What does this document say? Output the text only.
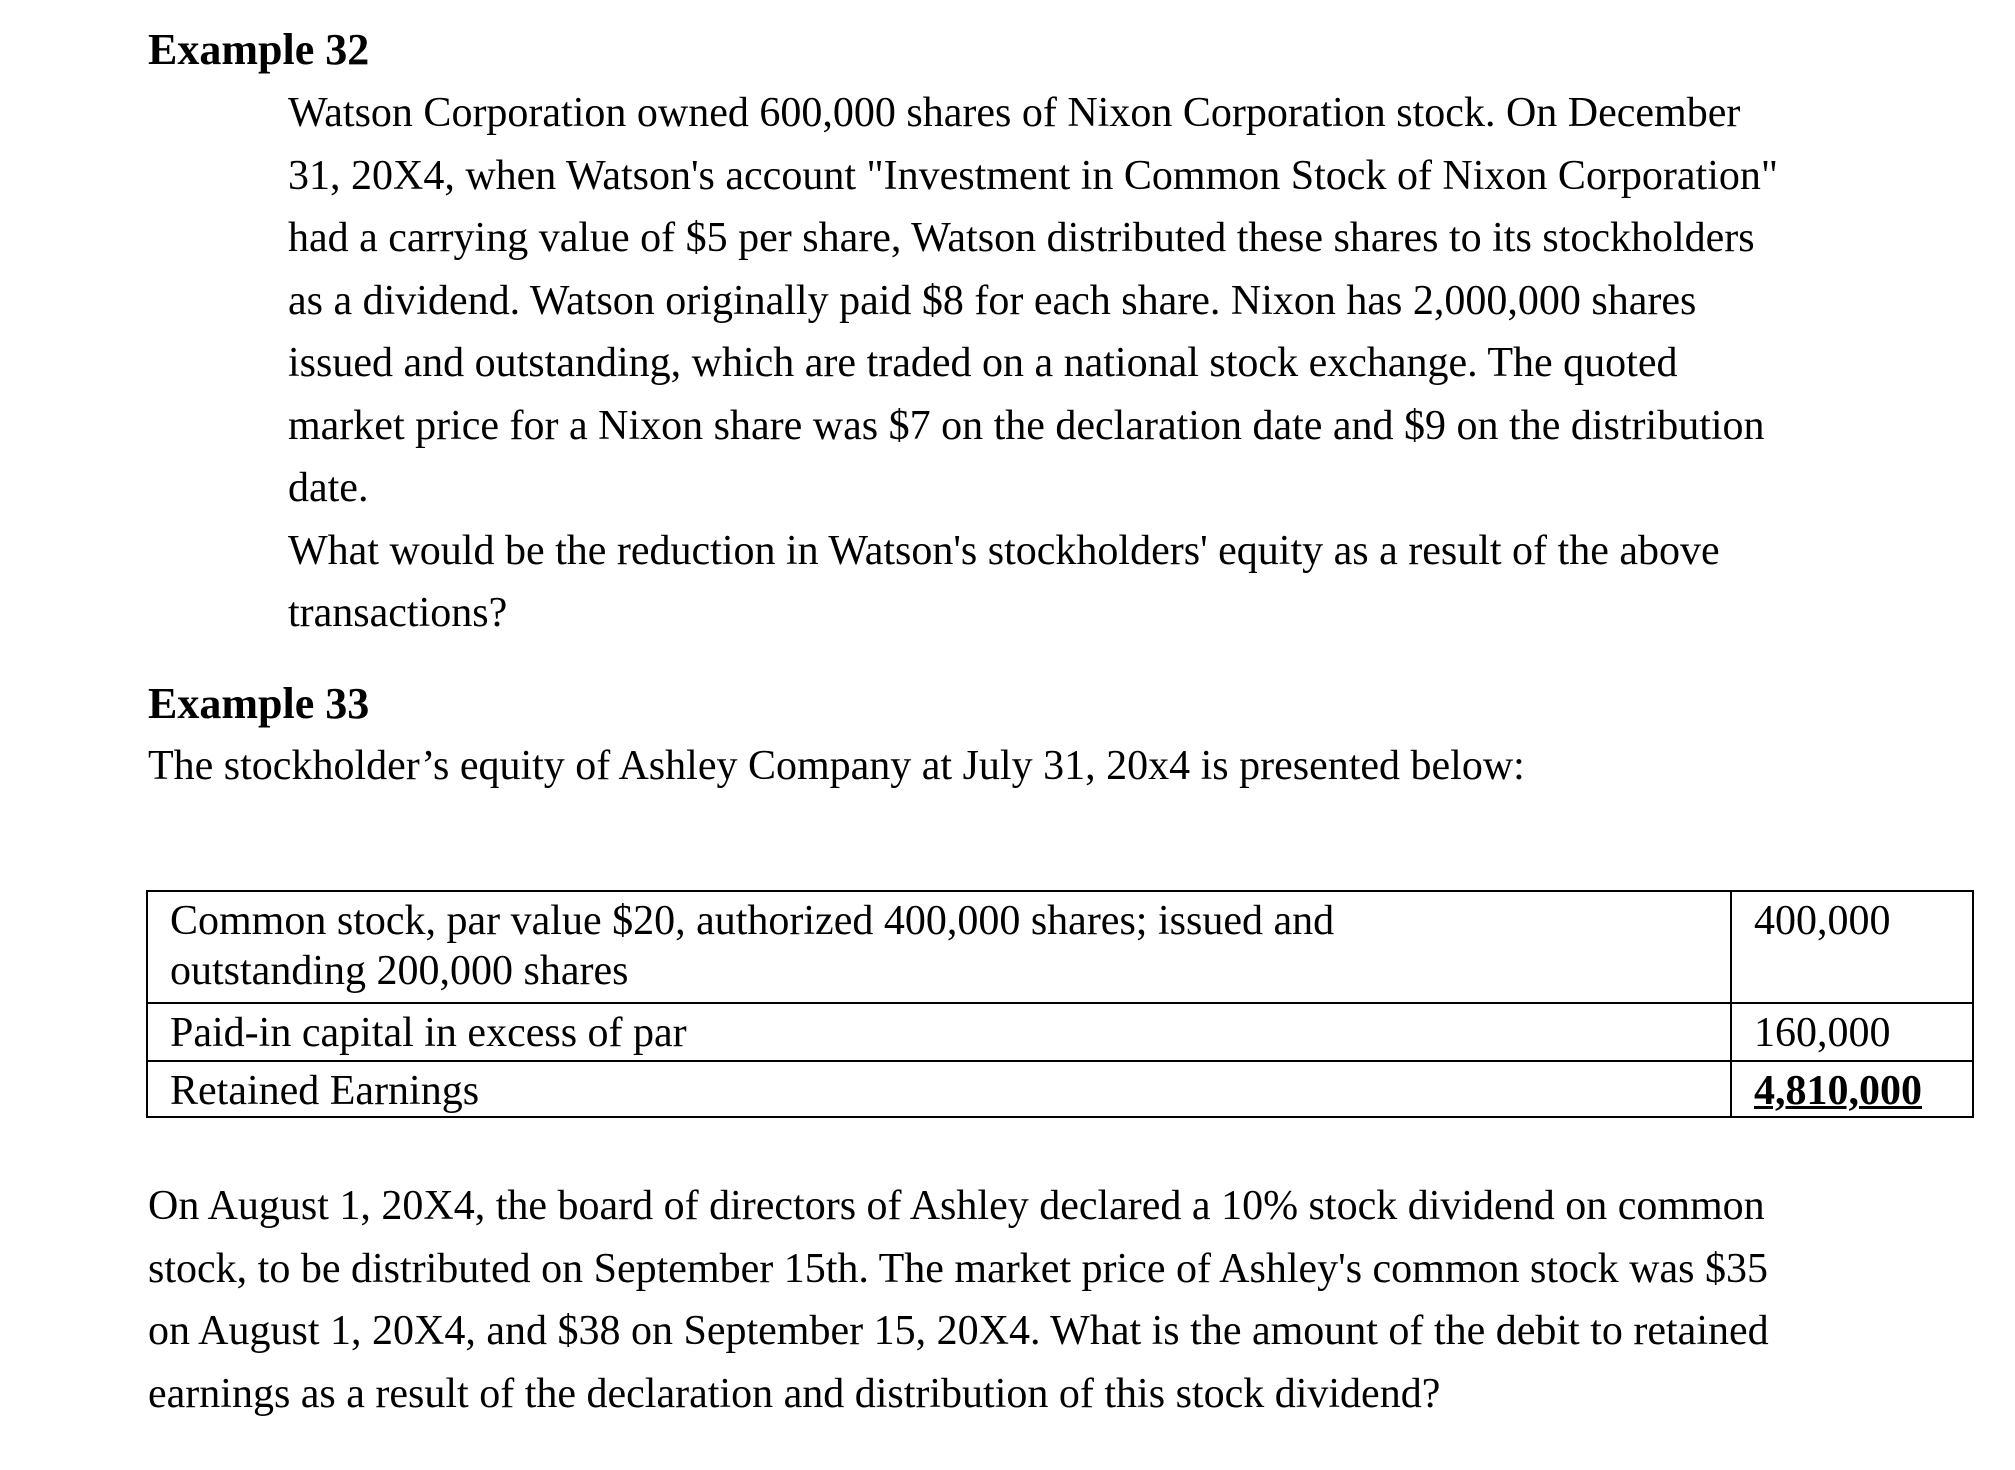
Example 32

Watson Corporation owned 600,000 shares of Nixon Corporation stock. On December
31, 20X4, when Watson's account "Investment in Common Stock of Nixon Corporation"
had a carrying value of $5 per share, Watson distributed these shares to its stockholders
as a dividend. Watson originally paid $8 for each share. Nixon has 2,000,000 shares
issued and outstanding, which are traded on a national stock exchange. The quoted
market price for a Nixon share was $7 on the declaration date and $9 on the distribution
date.
What would be the reduction in Watson's stockholders' equity as a result of the above
transactions?

Example 33

The stockholder’s equity of Ashley Company at July 31, 20x4 is presented below:

Common stock, par value $20, authorized 400,000 shares; issued and
outstanding 200,000 shares	400,000
Paid-in capital in excess of par	160,000
Retained Earnings	4,810,000

On August 1, 20X4, the board of directors of Ashley declared a 10% stock dividend on common
stock, to be distributed on September 15th. The market price of Ashley's common stock was $35
on August 1, 20X4, and $38 on September 15, 20X4. What is the amount of the debit to retained
earnings as a result of the declaration and distribution of this stock dividend?
